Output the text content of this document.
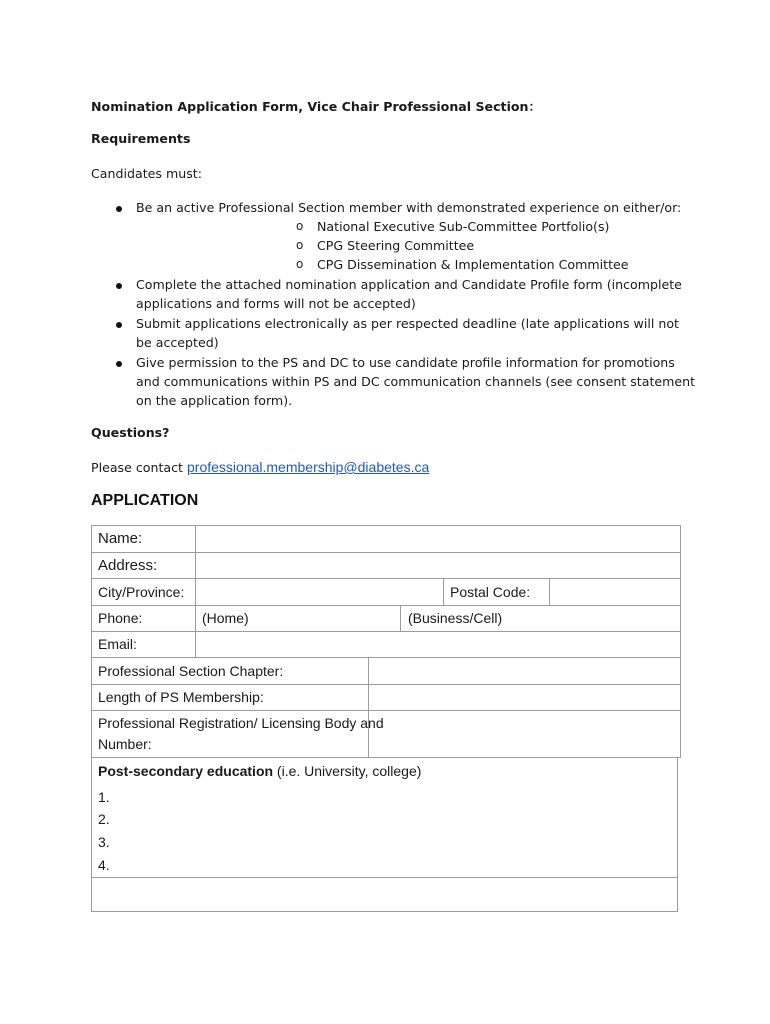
Nomination Application Form, Vice Chair Professional Section：
Requirements
Candidates must:
Be an active Professional Section member with demonstrated experience on either/or:
o National Executive Sub-Committee Portfolio(s)
o CPG Steering Committee
o CPG Dissemination & Implementation Committee
Complete the attached nomination application and Candidate Profile form (incomplete
applications and forms will not be accepted)
Submit applications electronically as per respected deadline (late applications will not
be accepted)
Give permission to the PS and DC to use candidate profile information for promotions
and communications within PS and DC communication channels (see consent statement
on the application form).
Questions?
Please contact professional.membership@diabetes.ca
APPLICATION
Name:
Address:
City/Province:	Postal Code:
Phone:	(Home)	(Business/Cell)
Email:
Professional Section Chapter:
Length of PS Membership:
Professional Registration/ Licensing Body and
Number:
Post-secondary education (i.e. University, college)
1.
2.
3.
4.
